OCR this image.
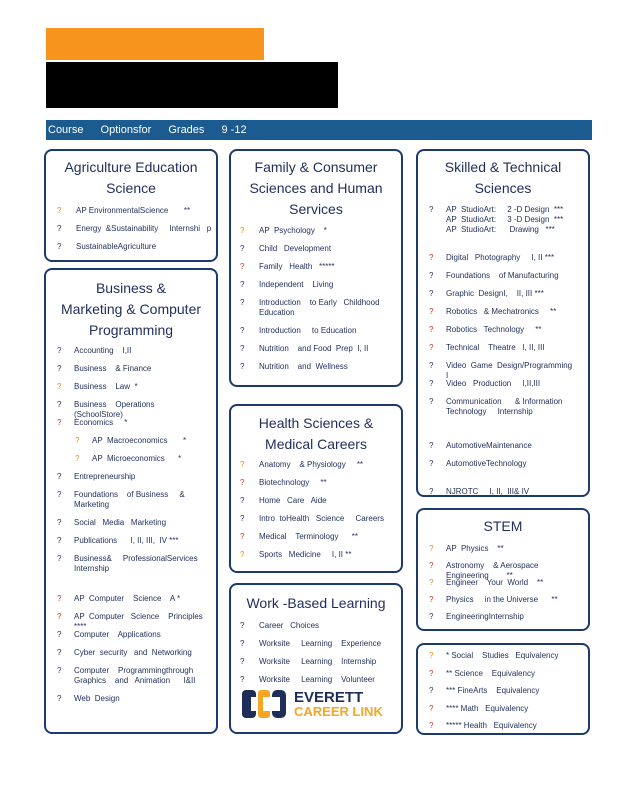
Course Optionsfor Grades 9 -12
Agriculture Education
Science
? AP EnvironmentalScience       **
? Energy  &Sustainability     Internshi   p
? SustainableAgriculture
Family & Consumer
Sciences and Human
Services
? AP  Psychology    *
? Child   Development
? Family   Health   *****
? Independent    Living
? Introduction    to Early   Childhood
Education
? Introduction     to Education
? Nutrition    and Food  Prep  I, II
? Nutrition    and  Wellness
Skilled & Technical
Sciences
? AP  StudioArt:     2 -D Design  ***
AP  StudioArt:     3 -D Design  ***
AP  StudioArt:      Drawing   ***
? Digital   Photography     I, II ***
? Foundations    of Manufacturing
? Graphic  DesignI,    II, III ***
? Robotics   & Mechatronics     **
? Robotics   Technology     **
? Technical    Theatre   I, II, III
? Video  Game  Design/Programming         I
? Video   Production     I,II,III
? Communication      & Information
Technology     Internship
? AutomotiveMaintenance
? AutomotiveTechnology
? NJROTC     I, II,  III& IV
Business &
Marketing & Computer
Programming
? Accounting    I,II
? Business    & Finance
? Business    Law  *
? Business    Operations     (SchoolStore)
? Economics     *
? AP  Macroeconomics       *
? AP  Microeconomics      *
? Entrepreneurship
? Foundations    of Business     &
Marketing
? Social   Media   Marketing
? Publications      I, II, III,  IV ***
? Business&     ProfessionalServices
Internship
? AP  Computer    Science    A *
? AP  Computer   Science    Principles     ****
? Computer    Applications
? Cyber  security   and  Networking
? Computer    Programmingthrough
Graphics    and   Animation      I&II
? Web  Design
Health Sciences &
Medical Careers
? Anatomy    & Physiology     **
? Biotechnology     **
? Home   Care   Aide
? Intro  toHealth   Science     Careers
? Medical    Terminology      **
? Sports   Medicine     I, II **
Work -Based Learning
? Career   Choices
? Worksite     Learning    Experience
? Worksite     Learning    Internship
? Worksite     Learning    Volunteer
STEM
? AP  Physics    **
? Astronomy    & Aerospace    Engineering        **
? Engineer    Your  World    **
? Physics     in the Universe      **
? EngineeringInternship
? * Social    Studies   Equivalency
? ** Science    Equivalency
? *** FineArts    Equivalency
? **** Math   Equivalency
? ***** Health   Equivalency
EVERETT
CAREER LINK
